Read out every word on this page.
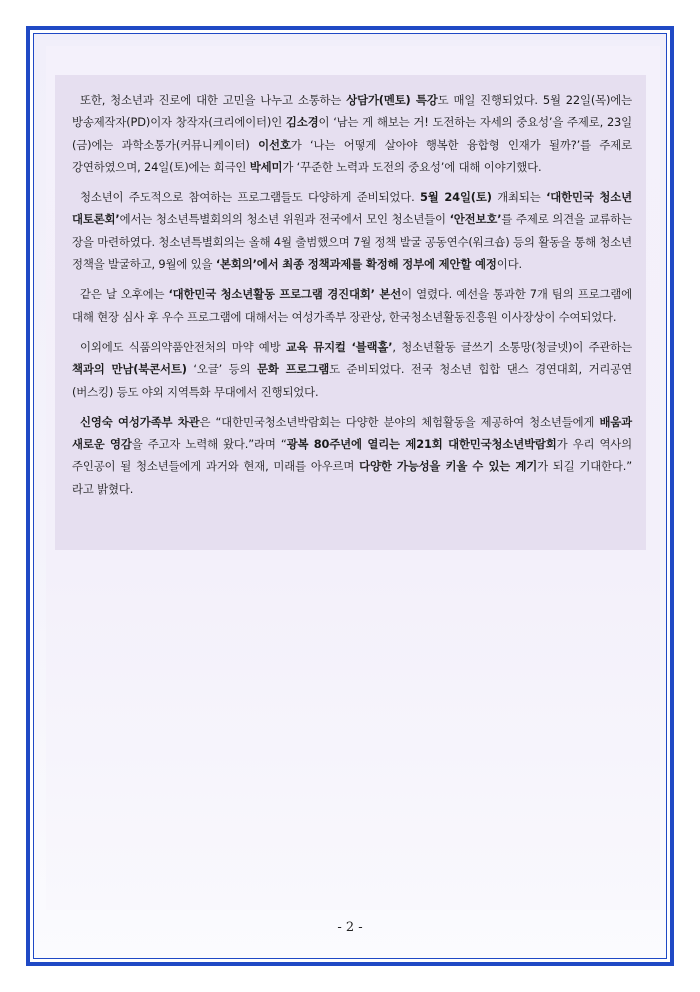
또한, 청소년과 진로에 대한 고민을 나누고 소통하는 상담가(멘토) 특강도 매일 진행되었다. 5월 22일(목)에는 방송제작자(PD)이자 창작자(크리에이터)인 김소경이 ‘남는 게 해보는 거! 도전하는 자세의 중요성’을 주제로, 23일(금)에는 과학소통가(커뮤니케이터) 이선호가 ‘나는 어떻게 살아야 행복한 융합형 인재가 될까?’를 주제로 강연하였으며, 24일(토)에는 희극인 박세미가 ‘꾸준한 노력과 도전의 중요성’에 대해 이야기했다.

청소년이 주도적으로 참여하는 프로그램들도 다양하게 준비되었다. 5월 24일(토) 개최되는 ‘대한민국 청소년 대토론회’에서는 청소년특별회의의 청소년 위원과 전국에서 모인 청소년들이 ‘안전보호’를 주제로 의견을 교류하는 장을 마련하였다. 청소년특별회의는 올해 4월 출범했으며 7월 정책 발굴 공동연수(워크숍) 등의 활동을 통해 청소년 정책을 발굴하고, 9월에 있을 ‘본회의’에서 최종 정책과제를 확정해 정부에 제안할 예정이다.

같은 날 오후에는 ‘대한민국 청소년활동 프로그램 경진대회’ 본선이 열렸다. 예선을 통과한 7개 팀의 프로그램에 대해 현장 심사 후 우수 프로그램에 대해서는 여성가족부 장관상, 한국청소년활동진흥원 이사장상이 수여되었다.

이외에도 식품의약품안전처의 마약 예방 교육 뮤지컬 ‘블랙홀’, 청소년활동 글쓰기 소통망(청글넷)이 주관하는 책과의 만남(북콘서트) ‘오글’ 등의 문화 프로그램도 준비되었다. 전국 청소년 힙합 댄스 경연대회, 거리공연(버스킹) 등도 야외 지역특화 무대에서 진행되었다.

신영숙 여성가족부 차관은 “대한민국청소년박람회는 다양한 분야의 체험활동을 제공하여 청소년들에게 배움과 새로운 영감을 주고자 노력해 왔다.”라며 “광복 80주년에 열리는 제21회 대한민국청소년박람회가 우리 역사의 주인공이 될 청소년들에게 과거와 현재, 미래를 아우르며 다양한 가능성을 키울 수 있는 계기가 되길 기대한다.” 라고 밝혔다.

- 2 -
